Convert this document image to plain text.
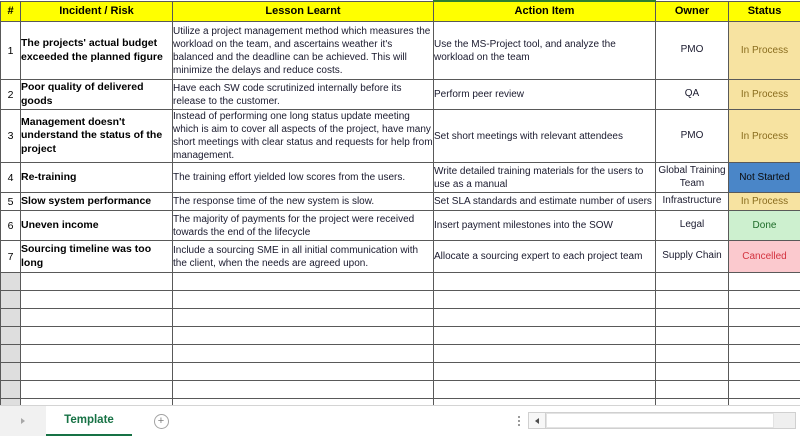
#	Incident / Risk	Lesson Learnt	Action Item	Owner	Status
1	The projects' actual budget exceeded the planned figure	Utilize a project management method which measures the workload on the team, and ascertains weather it's balanced and the deadline can be achieved. This will minimize the delays and reduce costs.	Use the MS-Project tool, and analyze the workload on the team	PMO	In Process
2	Poor quality of delivered goods	Have each SW code scrutinized internally before its release to the customer.	Perform peer review	QA	In Process
3	Management doesn't understand the status of the project	Instead of performing one long status update meeting which is aim to cover all aspects of the project, have many short meetings with clear status and requests for help from management.	Set short meetings with relevant attendees	PMO	In Process
4	Re-training	The training effort yielded low scores from the users.	Write detailed training materials for the users to use as a manual	Global Training Team	Not Started
5	Slow system performance	The response time of the new system is slow.	Set SLA standards and estimate number of users	Infrastructure	In Process
6	Uneven income	The majority of payments for the project were received towards the end of the lifecycle	Insert payment milestones into the SOW	Legal	Done
7	Sourcing timeline was too long	Include a sourcing SME in all initial communication with the client, when the needs are agreed upon.	Allocate a sourcing expert to each project team	Supply Chain	Cancelled

Template	+
